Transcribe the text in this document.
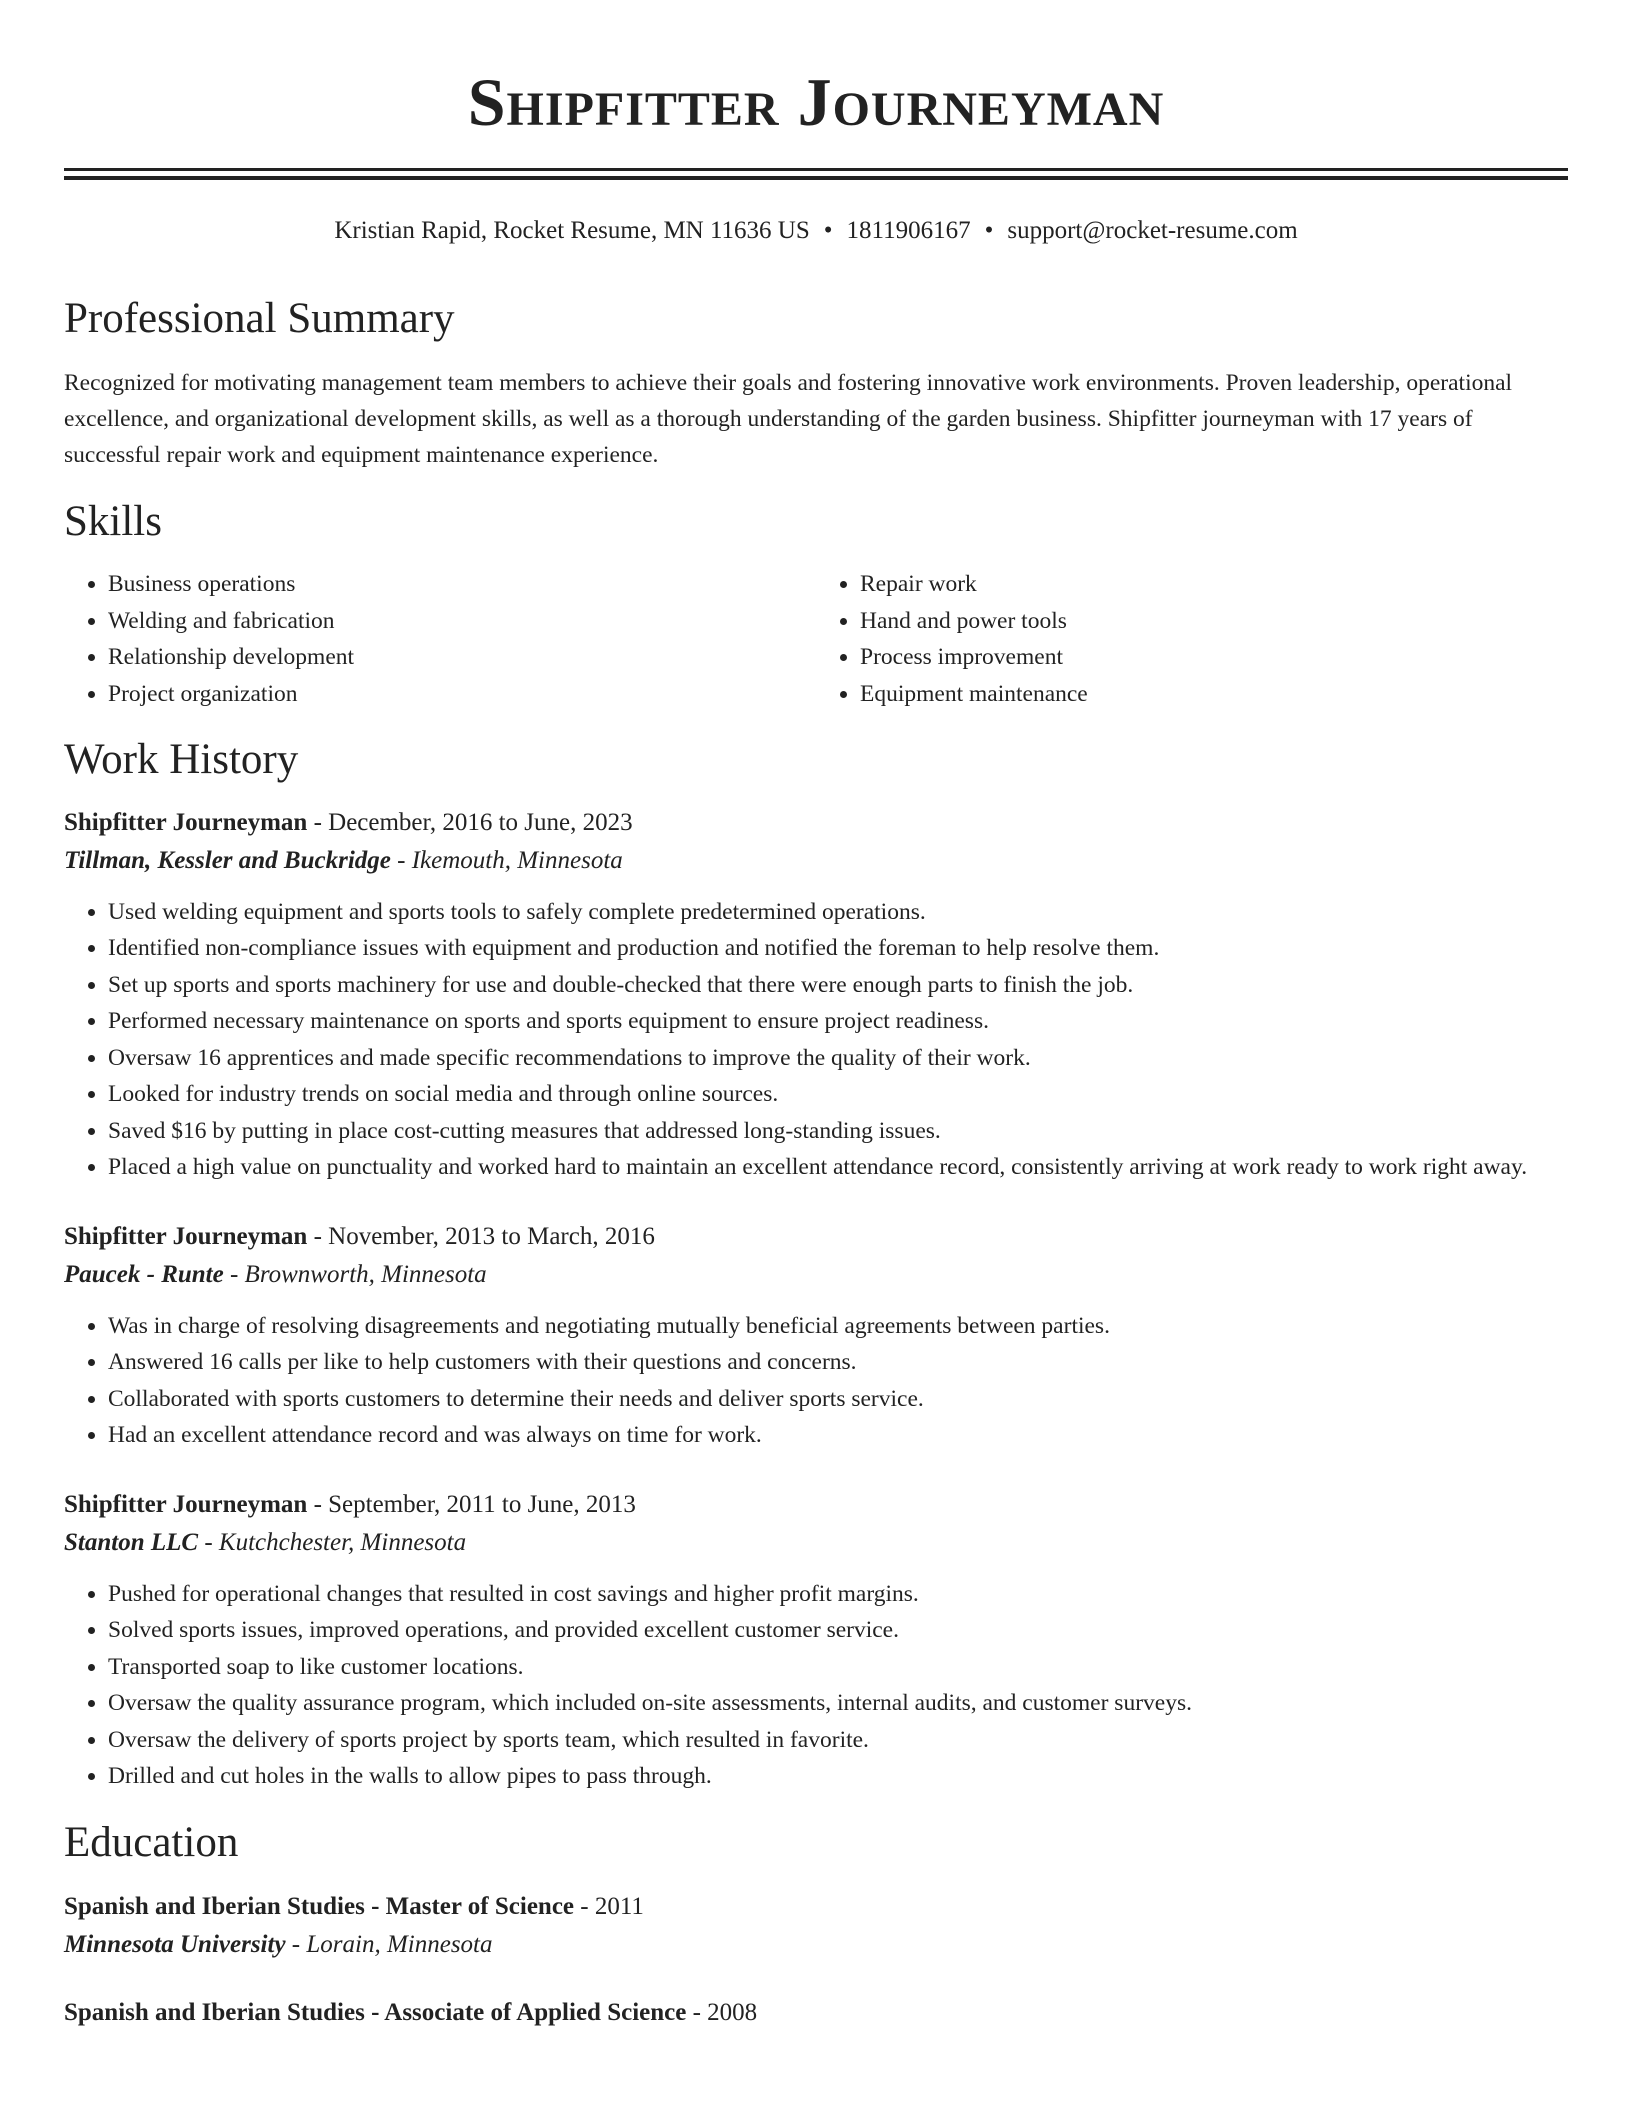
Shipfitter Journeyman
Kristian Rapid, Rocket Resume, MN 11636 US • 1811906167 • support@rocket-resume.com
Professional Summary
Recognized for motivating management team members to achieve their goals and fostering innovative work environments. Proven leadership, operational excellence, and organizational development skills, as well as a thorough understanding of the garden business. Shipfitter journeyman with 17 years of successful repair work and equipment maintenance experience.
Skills
• Business operations
• Welding and fabrication
• Relationship development
• Project organization
• Repair work
• Hand and power tools
• Process improvement
• Equipment maintenance
Work History
Shipfitter Journeyman - December, 2016 to June, 2023
Tillman, Kessler and Buckridge - Ikemouth, Minnesota
• Used welding equipment and sports tools to safely complete predetermined operations.
• Identified non-compliance issues with equipment and production and notified the foreman to help resolve them.
• Set up sports and sports machinery for use and double-checked that there were enough parts to finish the job.
• Performed necessary maintenance on sports and sports equipment to ensure project readiness.
• Oversaw 16 apprentices and made specific recommendations to improve the quality of their work.
• Looked for industry trends on social media and through online sources.
• Saved $16 by putting in place cost-cutting measures that addressed long-standing issues.
• Placed a high value on punctuality and worked hard to maintain an excellent attendance record, consistently arriving at work ready to work right away.
Shipfitter Journeyman - November, 2013 to March, 2016
Paucek - Runte - Brownworth, Minnesota
• Was in charge of resolving disagreements and negotiating mutually beneficial agreements between parties.
• Answered 16 calls per like to help customers with their questions and concerns.
• Collaborated with sports customers to determine their needs and deliver sports service.
• Had an excellent attendance record and was always on time for work.
Shipfitter Journeyman - September, 2011 to June, 2013
Stanton LLC - Kutchchester, Minnesota
• Pushed for operational changes that resulted in cost savings and higher profit margins.
• Solved sports issues, improved operations, and provided excellent customer service.
• Transported soap to like customer locations.
• Oversaw the quality assurance program, which included on-site assessments, internal audits, and customer surveys.
• Oversaw the delivery of sports project by sports team, which resulted in favorite.
• Drilled and cut holes in the walls to allow pipes to pass through.
Education
Spanish and Iberian Studies - Master of Science - 2011
Minnesota University - Lorain, Minnesota
Spanish and Iberian Studies - Associate of Applied Science - 2008
